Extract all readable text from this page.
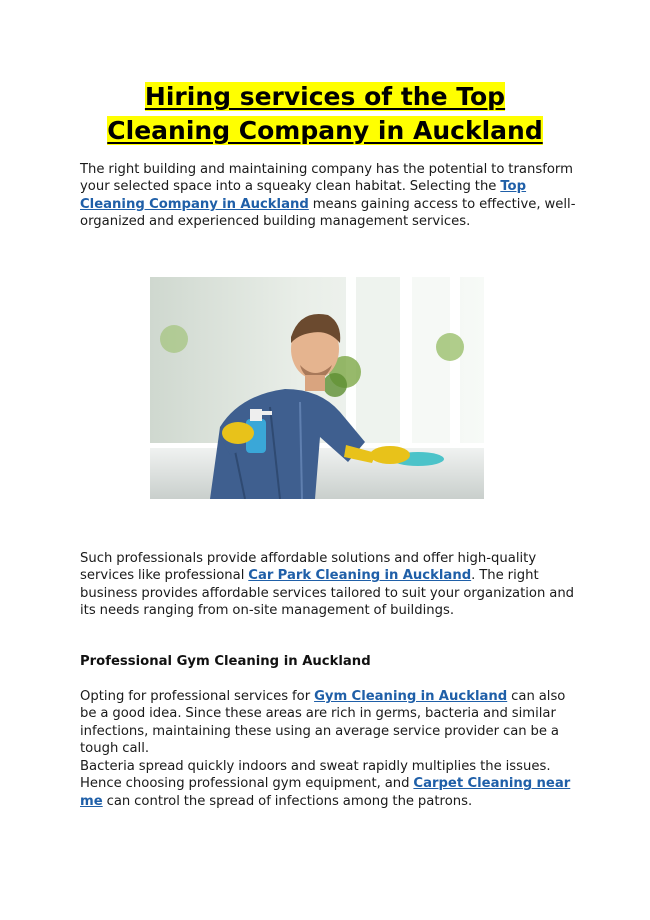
Hiring services of the Top
Cleaning Company in Auckland

The right building and maintaining company has the potential to transform your selected space into a squeaky clean habitat. Selecting the Top Cleaning Company in Auckland means gaining access to effective, well-organized and experienced building management services.

Such professionals provide affordable solutions and offer high-quality services like professional Car Park Cleaning in Auckland. The right business provides affordable services tailored to suit your organization and its needs ranging from on-site management of buildings.

Professional Gym Cleaning in Auckland

Opting for professional services for Gym Cleaning in Auckland can also be a good idea. Since these areas are rich in germs, bacteria and similar infections, maintaining these using an average service provider can be a tough call.

Bacteria spread quickly indoors and sweat rapidly multiplies the issues. Hence choosing professional gym equipment, and Carpet Cleaning near me can control the spread of infections among the patrons.
